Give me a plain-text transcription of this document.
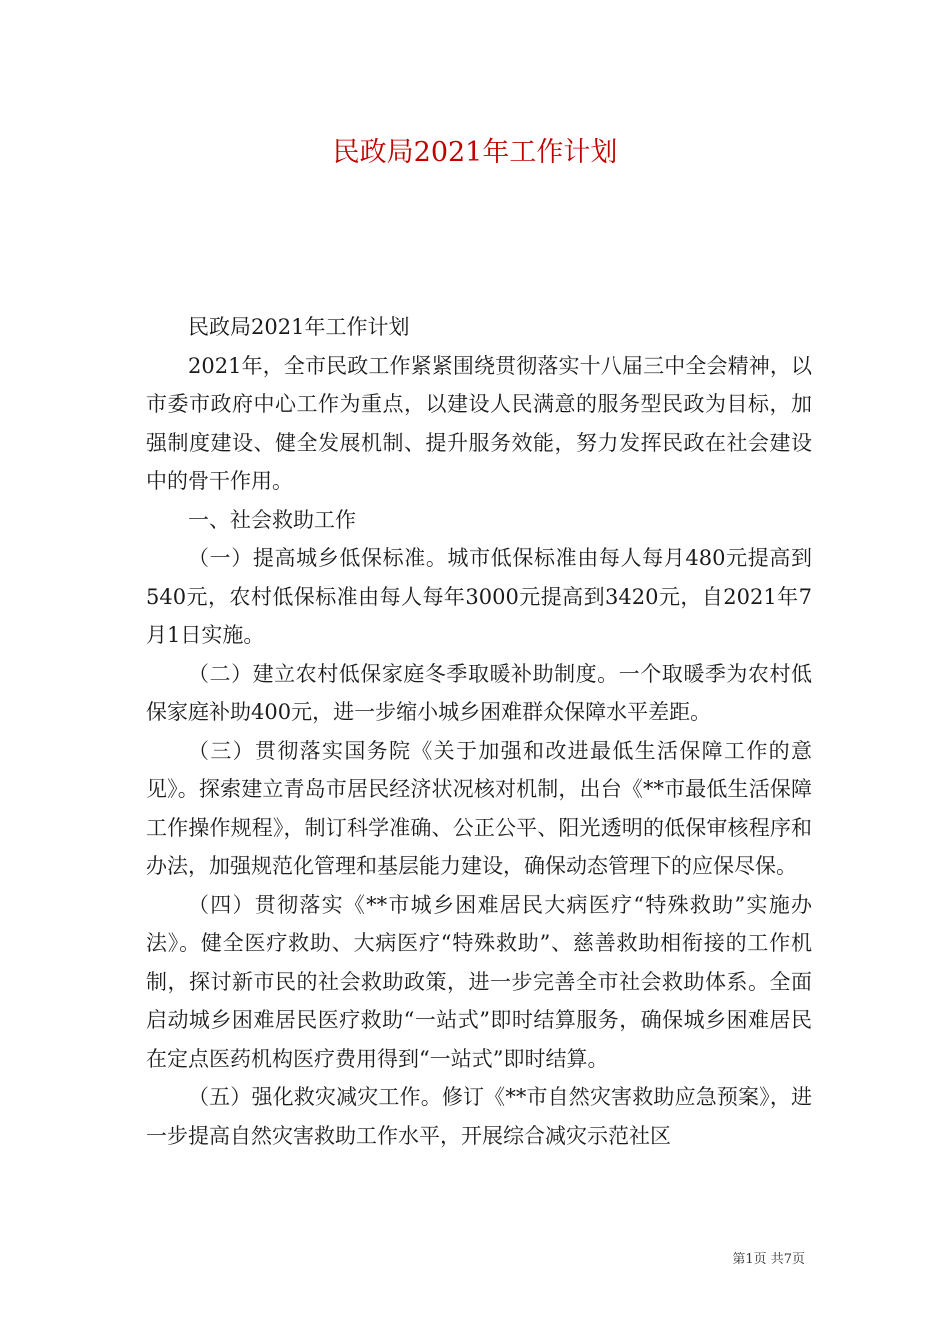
民政局2021年工作计划

民政局2021年工作计划

2021年，全市民政工作紧紧围绕贯彻落实十八届三中全会精神，以市委市政府中心工作为重点，以建设人民满意的服务型民政为目标，加强制度建设、健全发展机制、提升服务效能，努力发挥民政在社会建设中的骨干作用。

一、社会救助工作

（一）提高城乡低保标准。城市低保标准由每人每月480元提高到540元，农村低保标准由每人每年3000元提高到3420元，自2021年7月1日实施。

（二）建立农村低保家庭冬季取暖补助制度。一个取暖季为农村低保家庭补助400元，进一步缩小城乡困难群众保障水平差距。

（三）贯彻落实国务院《关于加强和改进最低生活保障工作的意见》。探索建立青岛市居民经济状况核对机制，出台《**市最低生活保障工作操作规程》，制订科学准确、公正公平、阳光透明的低保审核程序和办法，加强规范化管理和基层能力建设，确保动态管理下的应保尽保。

（四）贯彻落实《**市城乡困难居民大病医疗“特殊救助”实施办法》。健全医疗救助、大病医疗“特殊救助”、慈善救助相衔接的工作机制，探讨新市民的社会救助政策，进一步完善全市社会救助体系。全面启动城乡困难居民医疗救助“一站式”即时结算服务，确保城乡困难居民在定点医药机构医疗费用得到“一站式”即时结算。

（五）强化救灾减灾工作。修订《**市自然灾害救助应急预案》，进一步提高自然灾害救助工作水平，开展综合减灾示范社区

第1页 共7页
